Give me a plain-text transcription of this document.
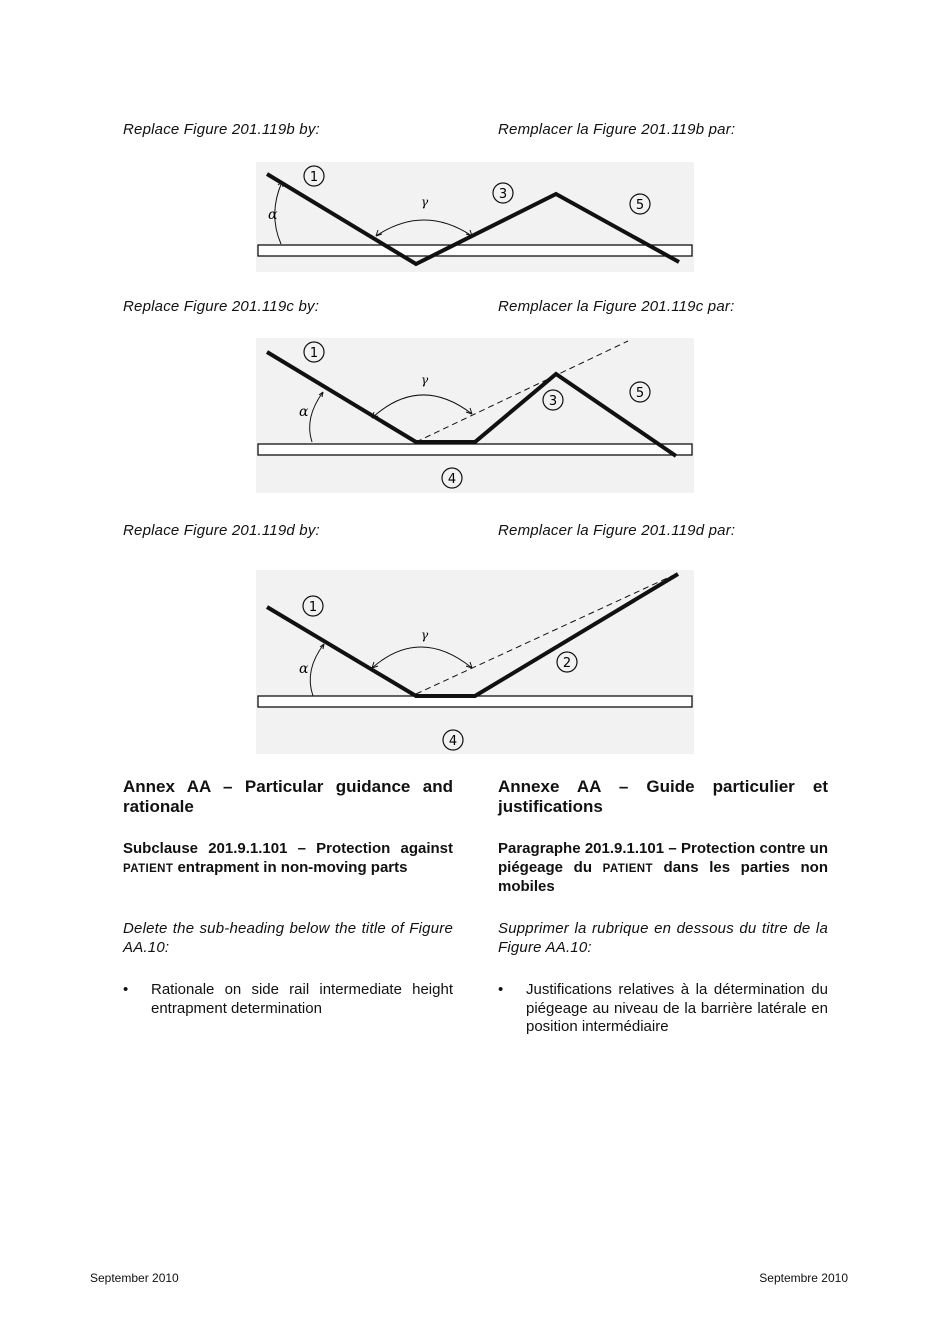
Replace Figure 201.119b by:	Remplacer la Figure 201.119b par:
α
γ
1
3
5
Replace Figure 201.119c by:	Remplacer la Figure 201.119c par:
α
γ
1
3
5
4
Replace Figure 201.119d by:	Remplacer la Figure 201.119d par:
α
γ
1
2
4
Annex AA – Particular guidance and rationale
Annexe AA – Guide particulier et justifications
Subclause 201.9.1.101 – Protection against PATIENT entrapment in non-moving parts
Paragraphe 201.9.1.101 – Protection contre un piégeage du PATIENT dans les parties non mobiles
Delete the sub-heading below the title of Figure AA.10:
Supprimer la rubrique en dessous du titre de la Figure AA.10:
•	Rationale on side rail intermediate height entrapment determination
•	Justifications relatives à la détermination du piégeage au niveau de la barrière latérale en position intermédiaire
September 2010	Septembre 2010
